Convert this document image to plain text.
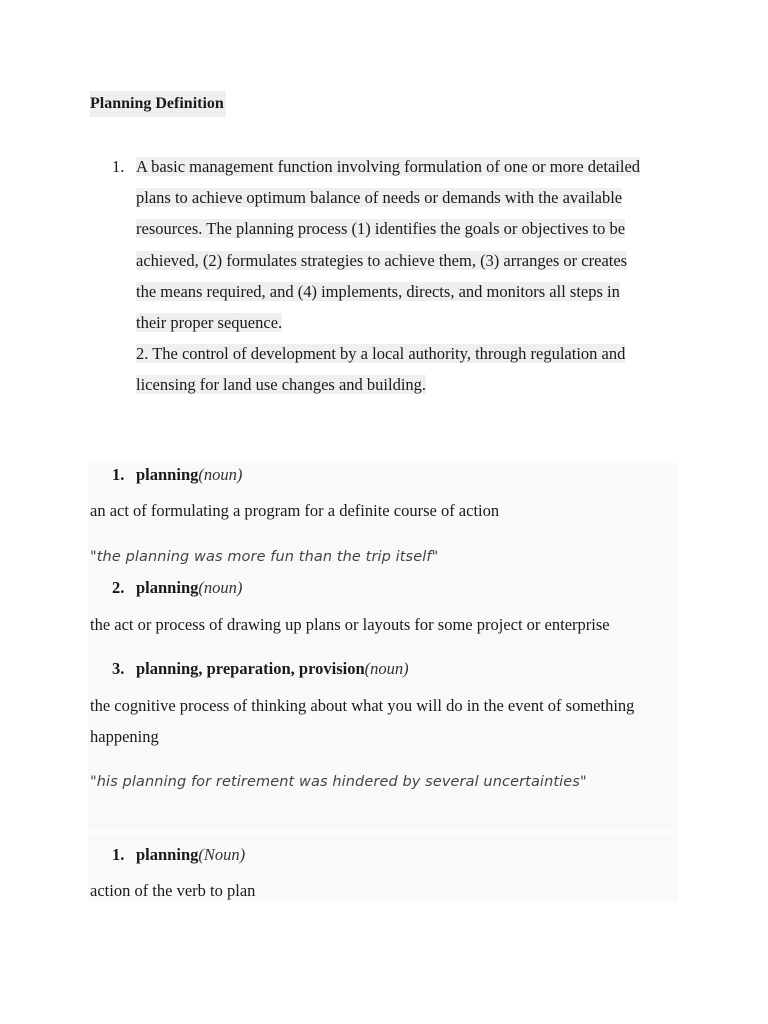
Planning Definition
1. A basic management function involving formulation of one or more detailed
plans to achieve optimum balance of needs or demands with the available
resources. The planning process (1) identifies the goals or objectives to be
achieved, (2) formulates strategies to achieve them, (3) arranges or creates
the means required, and (4) implements, directs, and monitors all steps in
their proper sequence.
2. The control of development by a local authority, through regulation and
licensing for land use changes and building.
1. planning(noun)
an act of formulating a program for a definite course of action
"the planning was more fun than the trip itself"
2. planning(noun)
the act or process of drawing up plans or layouts for some project or enterprise
3. planning, preparation, provision(noun)
the cognitive process of thinking about what you will do in the event of something
happening
"his planning for retirement was hindered by several uncertainties"
1. planning(Noun)
action of the verb to plan
